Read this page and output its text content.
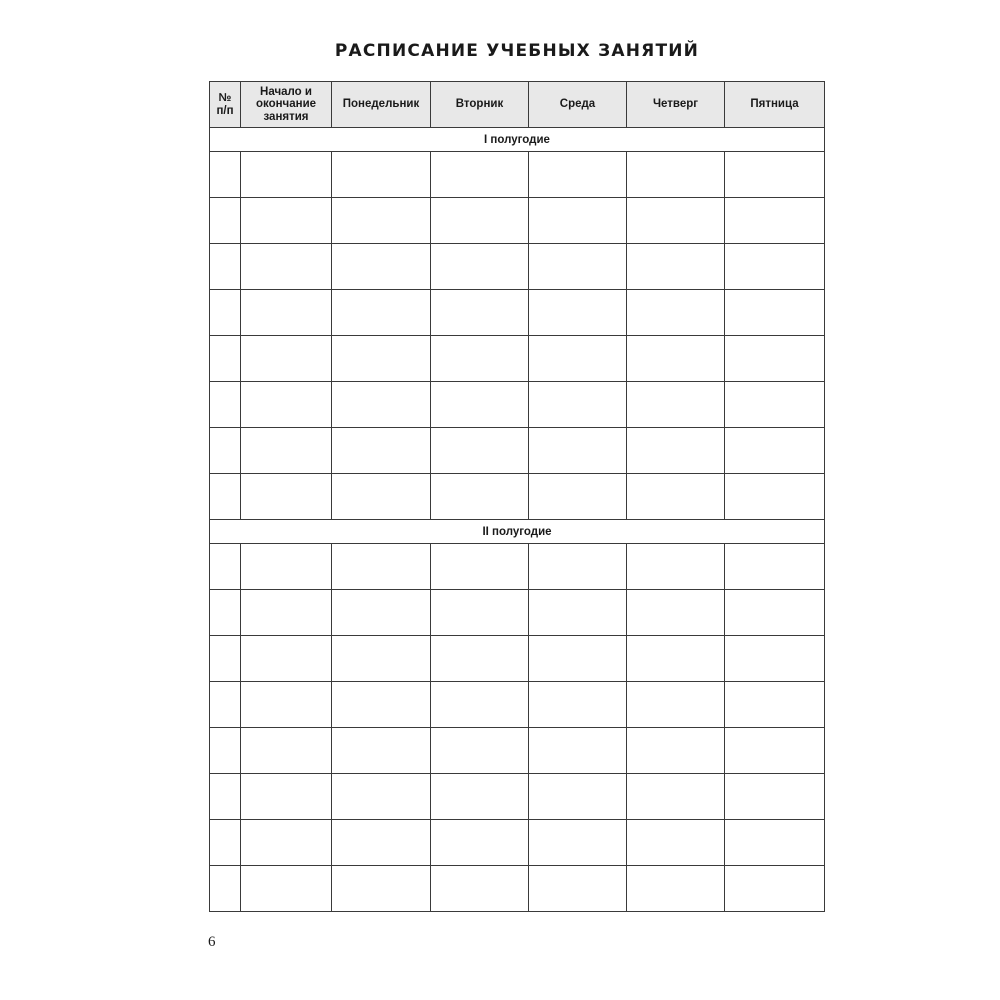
РАСПИСАНИЕ УЧЕБНЫХ ЗАНЯТИЙ
№ п/п	Начало и окончание занятия	Понедельник	Вторник	Среда	Четверг	Пятница
I полугодие						

II полугодие						

6
